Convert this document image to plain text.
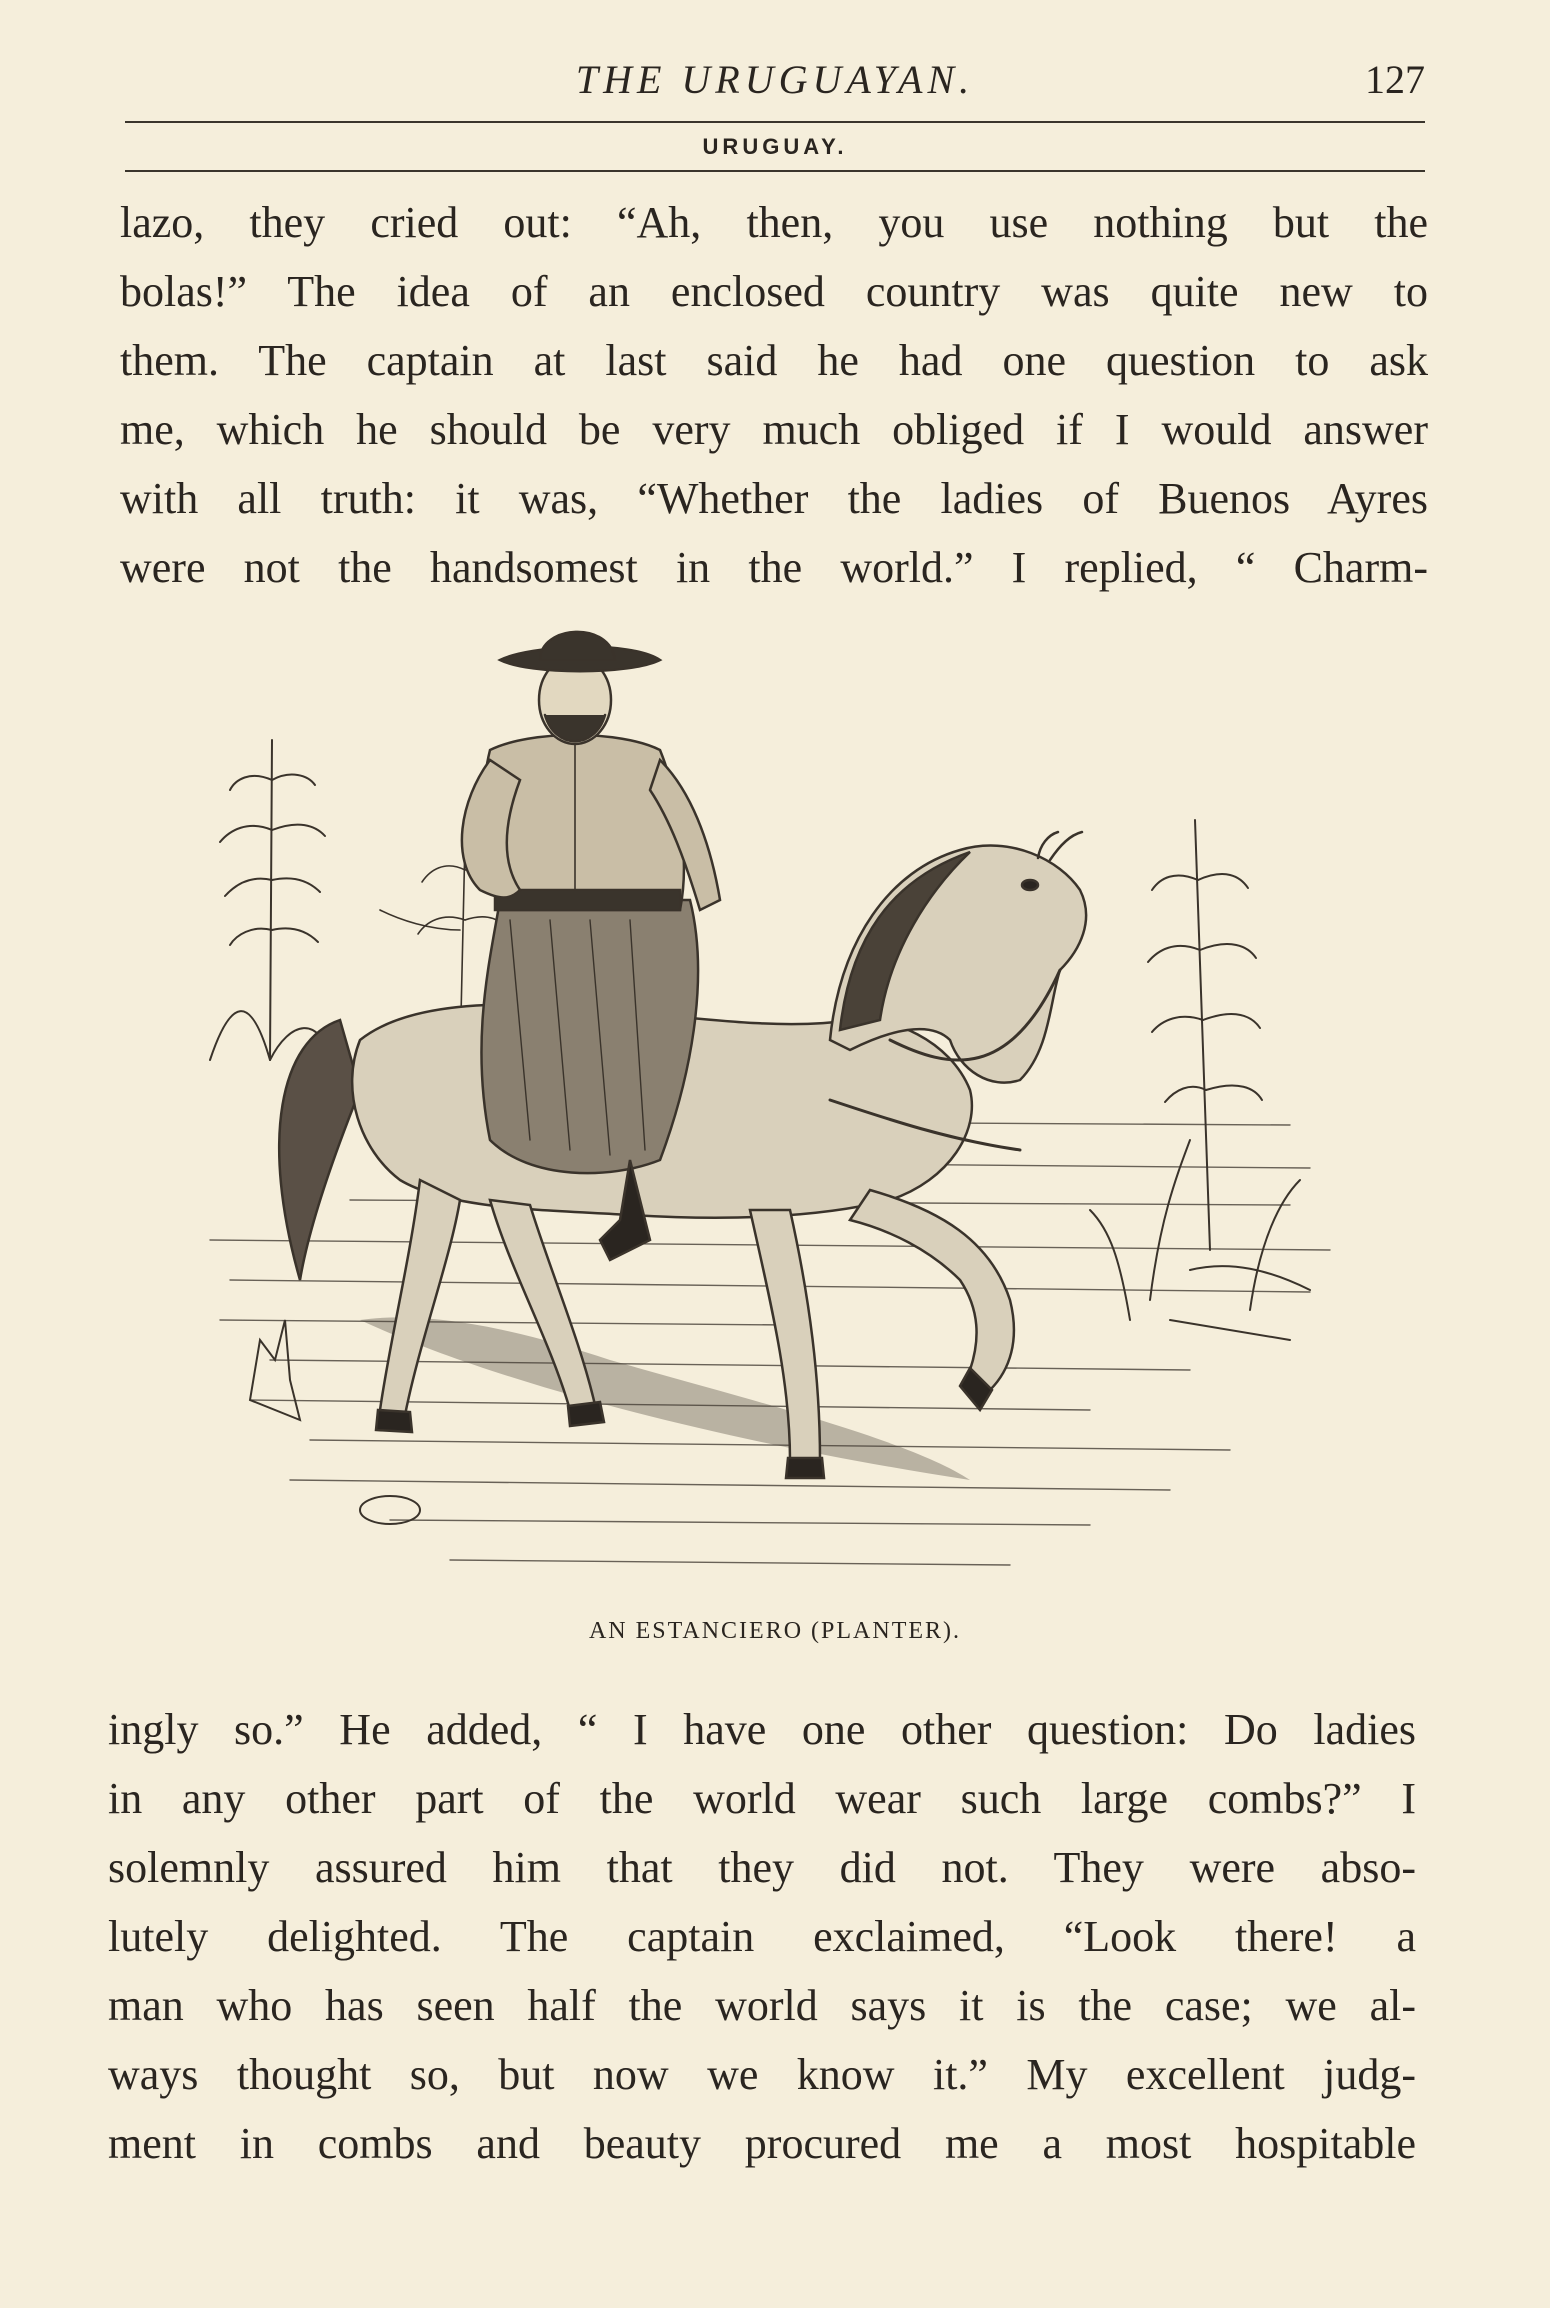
THE URUGUAYAN.	127
URUGUAY.
lazo, they cried out: “Ah, then, you use nothing but the
bolas!” The idea of an enclosed country was quite new to
them. The captain at last said he had one question to ask
me, which he should be very much obliged if I would answer
with all truth: it was, “Whether the ladies of Buenos Ayres
were not the handsomest in the world.” I replied, “ Charm-
AN ESTANCIERO (PLANTER).
ingly so.” He added, “ I have one other question: Do ladies
in any other part of the world wear such large combs?” I
solemnly assured him that they did not. They were abso-
lutely delighted. The captain exclaimed, “Look there! a
man who has seen half the world says it is the case; we al-
ways thought so, but now we know it.” My excellent judg-
ment in combs and beauty procured me a most hospitable
